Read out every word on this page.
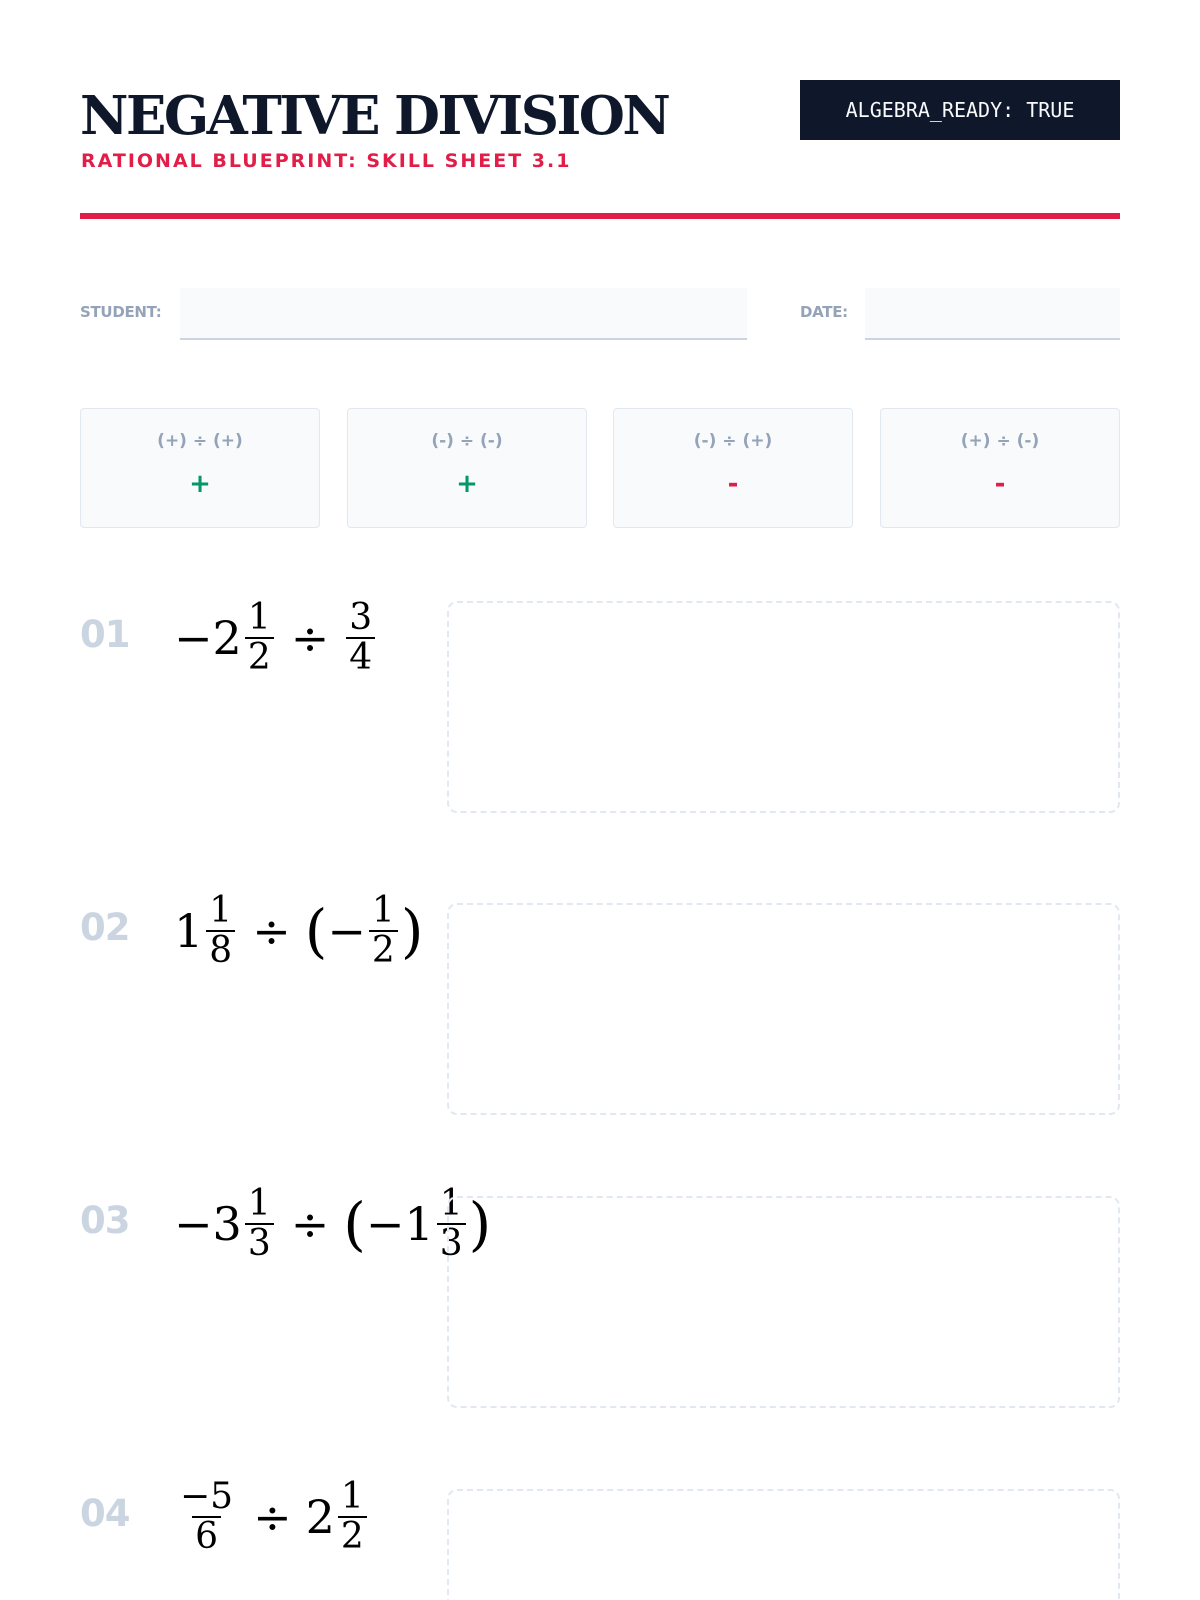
NEGATIVE DIVISION
RATIONAL BLUEPRINT: SKILL SHEET 3.1
ALGEBRA_READY: TRUE
STUDENT:	DATE:
(+) ÷ (+)
+
(-) ÷ (-)
+
(-) ÷ (+)
-
(+) ÷ (-)
-
$01 - 2 \frac{1}{2} \div \frac{3}{4}$
02 $1 \frac{1}{8}$ ÷ ( − $\frac{1}{2}$ )
$03 - 3 \frac{1}{3}$ ÷ ( − $1 \frac{1}{3}$ )
$04 \frac{-5}{6} \div 2 \frac{1}{2}$
